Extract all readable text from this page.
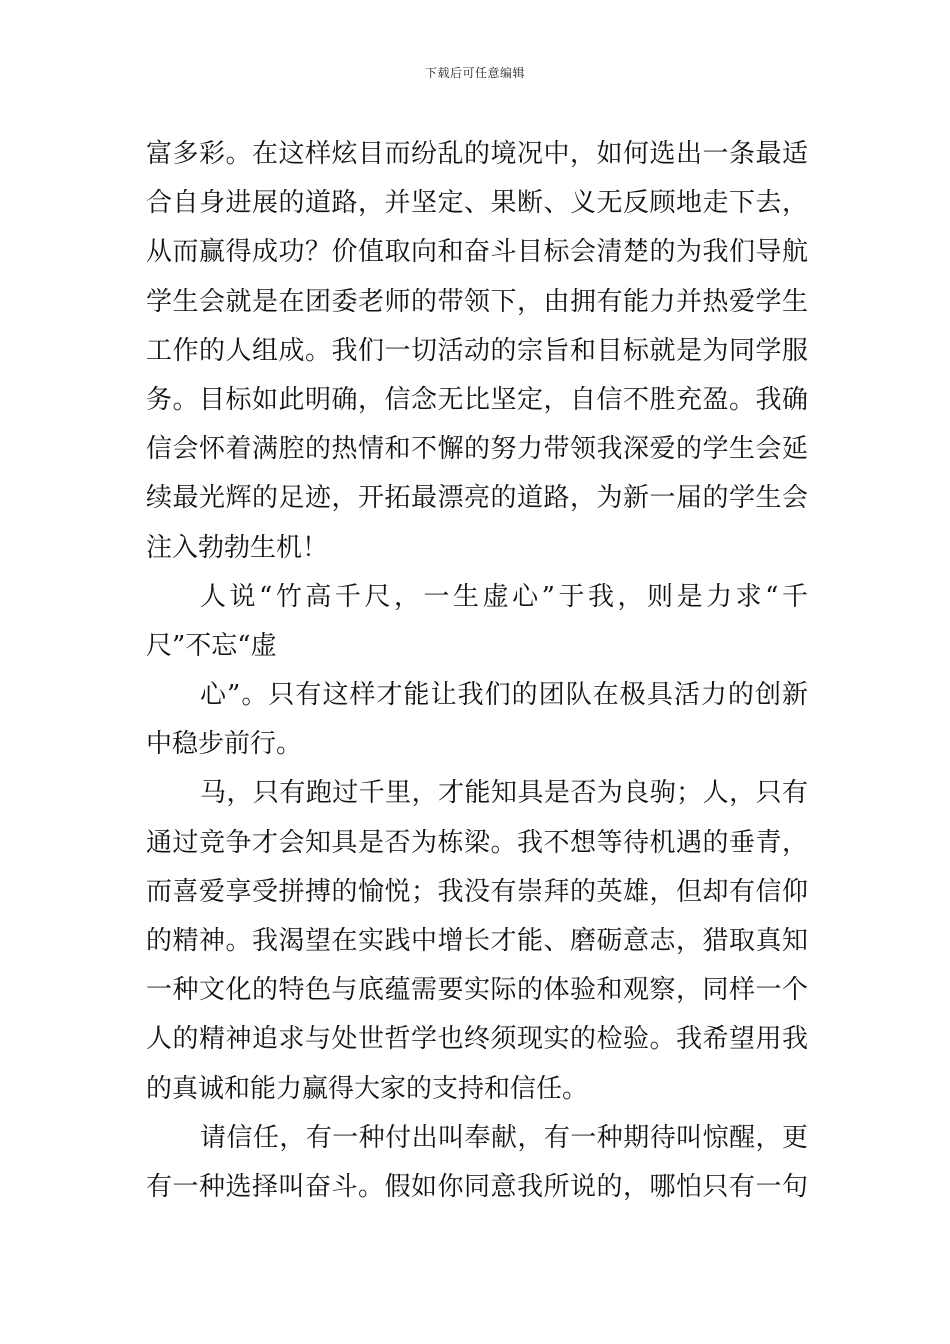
下载后可任意编辑
富多彩。在这样炫目而纷乱的境况中，如何选出一条最适
合自身进展的道路，并坚定、果断、义无反顾地走下去，
从而赢得成功？价值取向和奋斗目标会清楚的为我们导航
学生会就是在团委老师的带领下，由拥有能力并热爱学生
工作的人组成。我们一切活动的宗旨和目标就是为同学服
务。目标如此明确，信念无比坚定，自信不胜充盈。我确
信会怀着满腔的热情和不懈的努力带领我深爱的学生会延
续最光辉的足迹，开拓最漂亮的道路，为新一届的学生会
注入勃勃生机！
人说“竹高千尺，一生虚心”于我，则是力求“千
尺”不忘“虚
心”。只有这样才能让我们的团队在极具活力的创新
中稳步前行。
马，只有跑过千里，才能知具是否为良驹；人，只有
通过竞争才会知具是否为栋梁。我不想等待机遇的垂青，
而喜爱享受拼搏的愉悦；我没有崇拜的英雄，但却有信仰
的精神。我渴望在实践中增长才能、磨砺意志，猎取真知
一种文化的特色与底蕴需要实际的体验和观察，同样一个
人的精神追求与处世哲学也终须现实的检验。我希望用我
的真诚和能力赢得大家的支持和信任。
请信任，有一种付出叫奉献，有一种期待叫惊醒，更
有一种选择叫奋斗。假如你同意我所说的，哪怕只有一句
